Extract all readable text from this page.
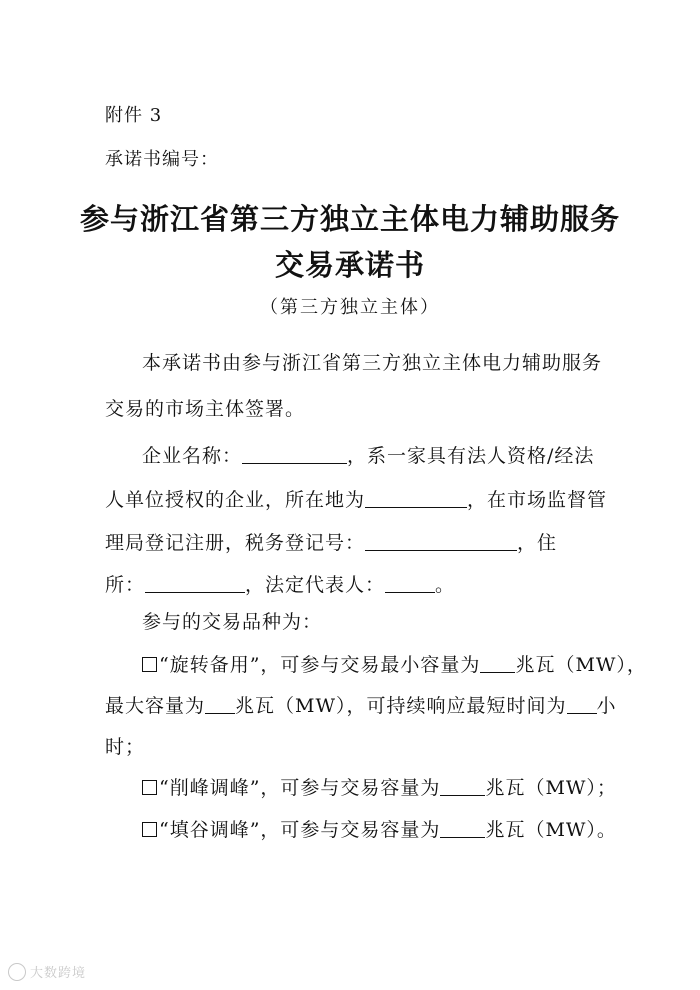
附件 3
承诺书编号：
参与浙江省第三方独立主体电力辅助服务
交易承诺书
（第三方独立主体）
本承诺书由参与浙江省第三方独立主体电力辅助服务
交易的市场主体签署。
企业名称：	，系一家具有法人资格/经法
人单位授权的企业，所在地为	，在市场监督管
理局登记注册，税务登记号：	，住
所：	，法定代表人：	。
参与的交易品种为：
“旋转备用”，可参与交易最小容量为 兆瓦（MW），
最大容量为 兆瓦（MW），可持续响应最短时间为 小
时；
“削峰调峰”，可参与交易容量为 兆瓦（MW）；
“填谷调峰”，可参与交易容量为 兆瓦（MW）。
大数跨境
